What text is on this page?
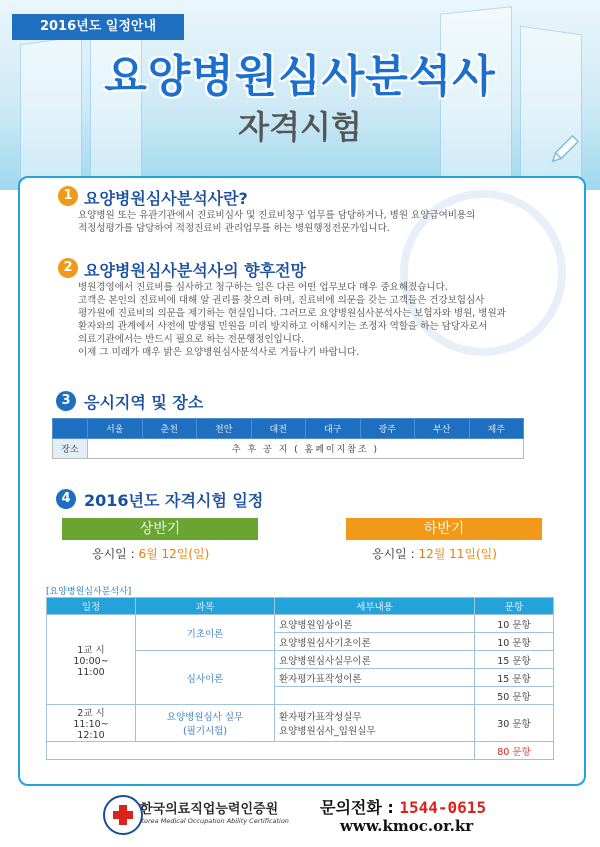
2016년도 일정안내
요양병원심사분석사
자격시험
1 요양병원심사분석사란?
요양병원 또는 유관기관에서 진료비심사 및 진료비청구 업무를 담당하거나, 병원 요양급여비용의
적정성평가를 담당하여 적정진료비 관리업무를 하는 병원행정전문가입니다.
2 요양병원심사분석사의 향후전망
병원경영에서 진료비를 심사하고 청구하는 일은 다른 어떤 업무보다 매우 중요해졌습니다.
고객은 본인의 진료비에 대해 알 권리를 찾으려 하며, 진료비에 의문을 갖는 고객들은 건강보험심사
평가원에 진료비의 의문을 제기하는 현실입니다. 그러므로 요양병원심사분석사는 보험자와 병원, 병원과
환자와의 관계에서 사전에 발생될 민원을 미리 방지하고 이해시키는 조정자 역할을 하는 담당자로서
의료기관에서는 반드시 필요로 하는 전문행정인입니다.
이제 그 미래가 매우 밝은 요양병원심사분석사로 거듭나기 바랍니다.
3 응시지역 및 장소
	서울	춘천	천안	대전	대구	광주	부산	제주
장소	추 후 공 지 ( 홈페이지참조 )							
4 2016년도 자격시험 일정
상반기	하반기
응시일 : 6월 12일(일)	응시일 : 12월 11일(일)
[요양병원심사분석사]
일정	과목	세부내용	문항
1교 시
10:00~
11:00	기초이론	요양병원임상이론	10 문항
		요양병원심사기초이론	10 문항
	심사이론	요양병원심사실무이론	15 문항
		환자평가표작성이론	15 문항
			50 문항
2교 시
11:10~
12:10	요양병원심사 실무
(필기시험)	환자평가표작성실무
요양병원심사_입원실무	30 문항
			80 문항
한국의료직업능력인증원
Korea Medical Occupation Ability Certification
문의전화 : 1544-0615
www.kmoc.or.kr
